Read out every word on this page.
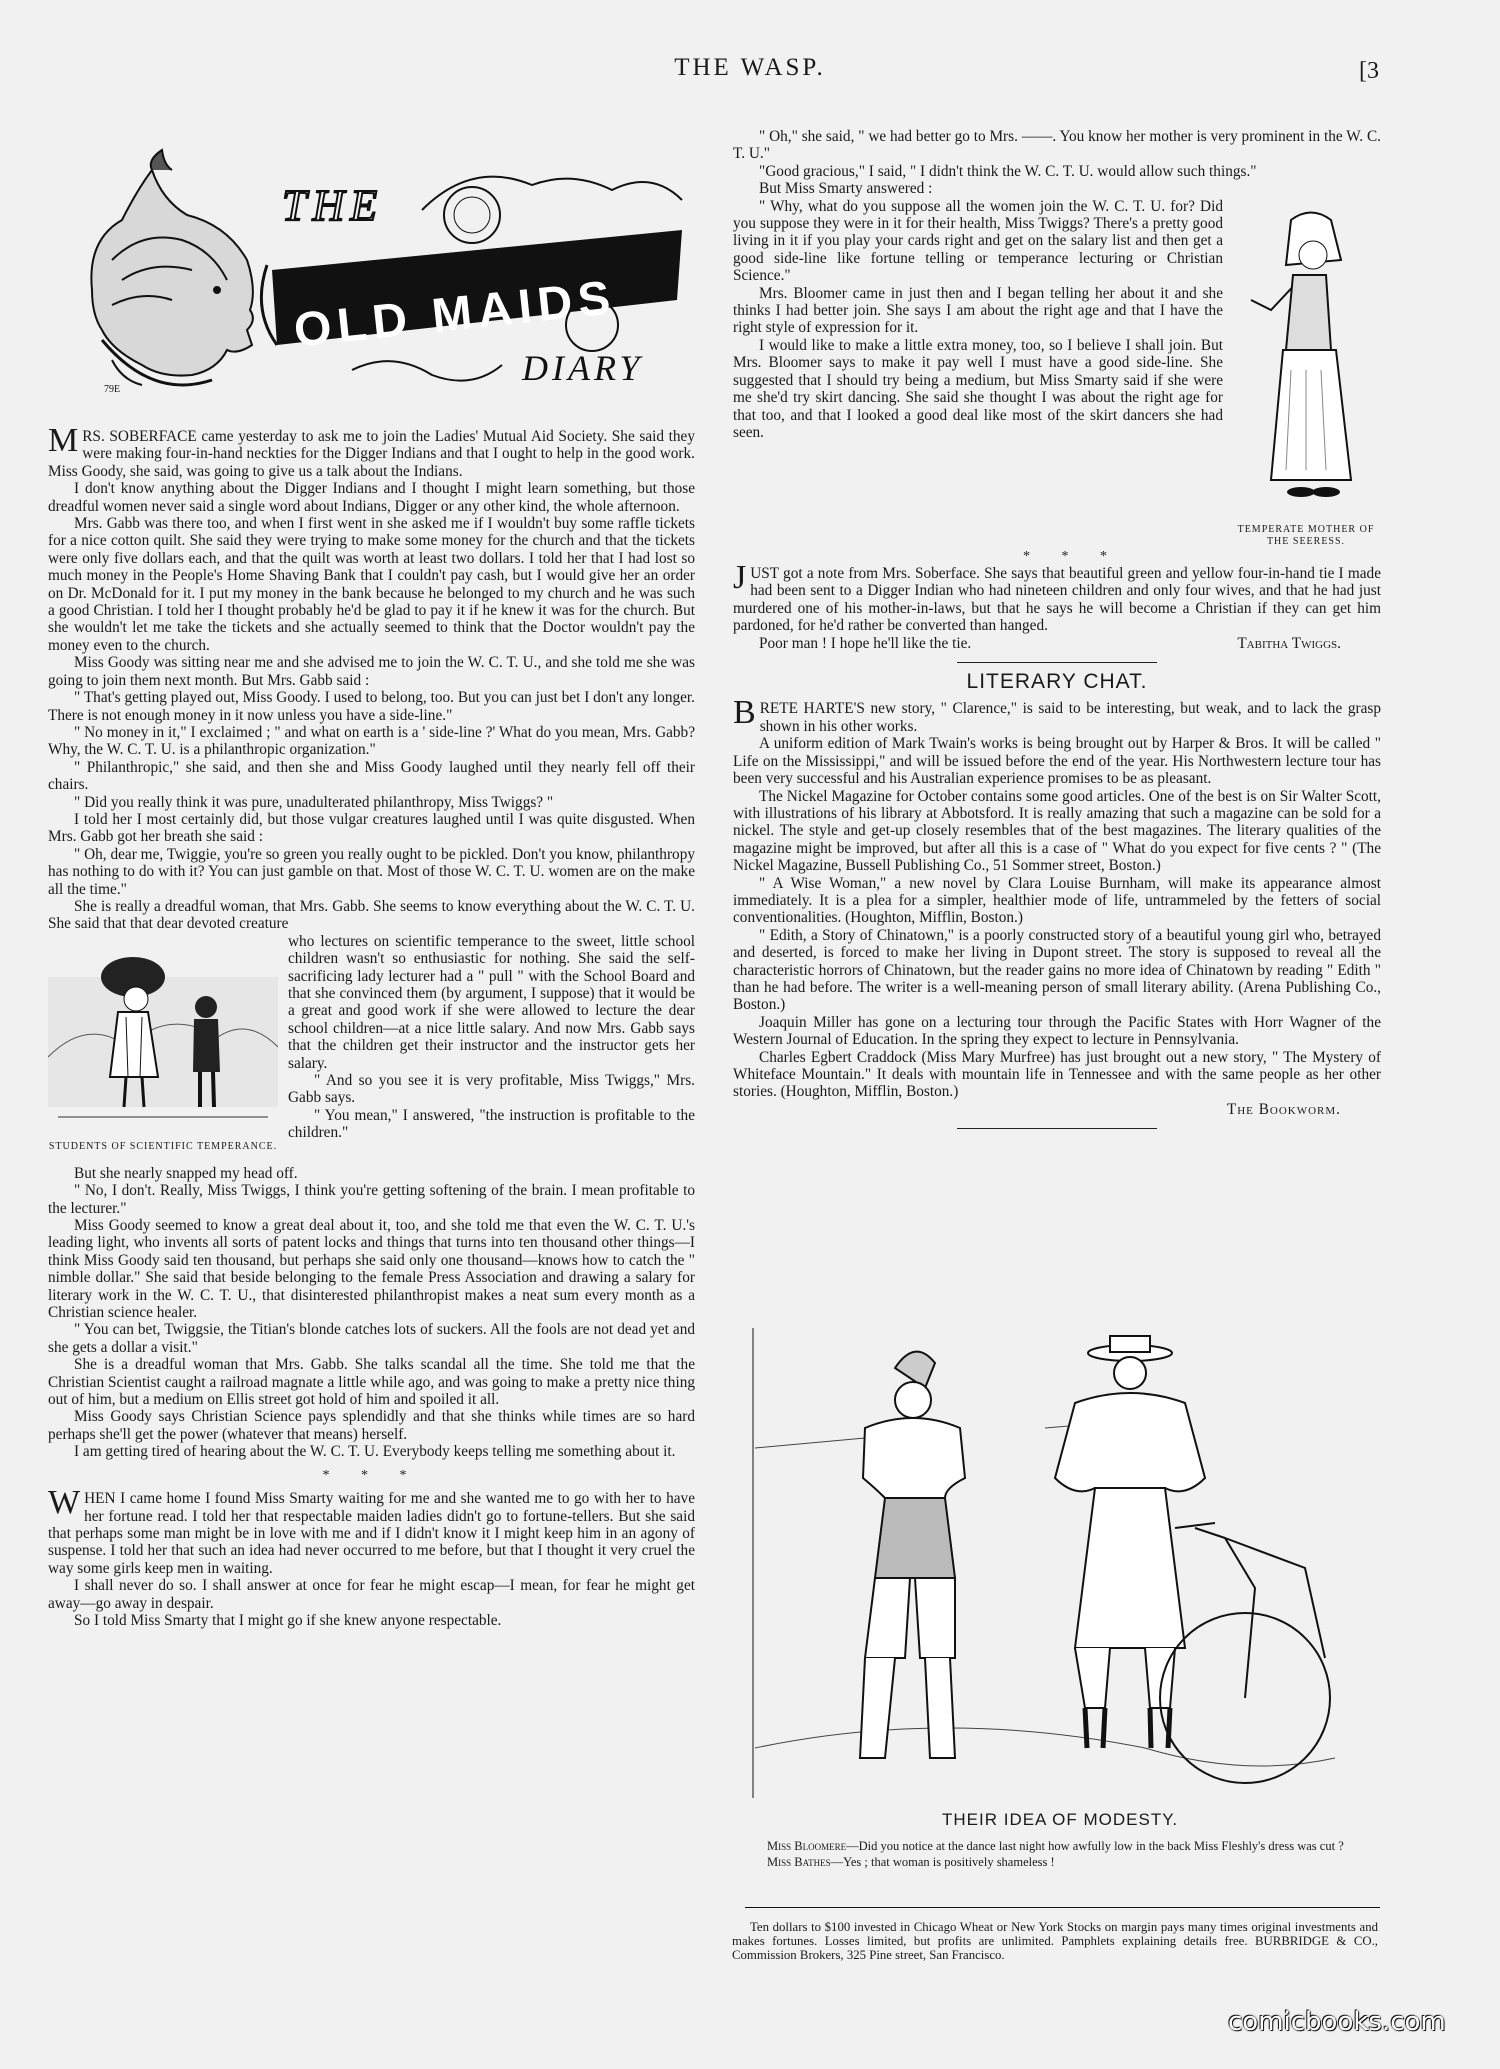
THE WASP.	[3
79E
THE
OLD MAIDS
DIARY

MRS. SOBERFACE came yesterday to ask me to join the Ladies' Mutual Aid Society. She said they were making four-in-hand neckties for the Digger Indians and that I ought to help in the good work. Miss Goody, she said, was going to give us a talk about the Indians.

I don't know anything about the Digger Indians and I thought I might learn something, but those dreadful women never said a single word about Indians, Digger or any other kind, the whole afternoon.

Mrs. Gabb was there too, and when I first went in she asked me if I wouldn't buy some raffle tickets for a nice cotton quilt. She said they were trying to make some money for the church and that the tickets were only five dollars each, and that the quilt was worth at least two dollars. I told her that I had lost so much money in the People's Home Shaving Bank that I couldn't pay cash, but I would give her an order on Dr. McDonald for it. I put my money in the bank because he belonged to my church and he was such a good Christian. I told her I thought probably he'd be glad to pay it if he knew it was for the church. But she wouldn't let me take the tickets and she actually seemed to think that the Doctor wouldn't pay the money even to the church.

Miss Goody was sitting near me and she advised me to join the W. C. T. U., and she told me she was going to join them next month. But Mrs. Gabb said :

" That's getting played out, Miss Goody. I used to belong, too. But you can just bet I don't any longer. There is not enough money in it now unless you have a side-line."

" No money in it," I exclaimed ; " and what on earth is a ' side-line ?' What do you mean, Mrs. Gabb? Why, the W. C. T. U. is a philanthropic organization."

" Philanthropic," she said, and then she and Miss Goody laughed until they nearly fell off their chairs.

" Did you really think it was pure, unadulterated philanthropy, Miss Twiggs? "

I told her I most certainly did, but those vulgar creatures laughed until I was quite disgusted. When Mrs. Gabb got her breath she said :

" Oh, dear me, Twiggie, you're so green you really ought to be pickled. Don't you know, philanthropy has nothing to do with it? You can just gamble on that. Most of those W. C. T. U. women are on the make all the time."

She is really a dreadful woman, that Mrs. Gabb. She seems to know everything about the W. C. T. U. She said that that dear devoted creature

STUDENTS OF SCIENTIFIC TEMPERANCE.

who lectures on scientific temperance to the sweet, little school children wasn't so enthusiastic for nothing. She said the self-sacrificing lady lecturer had a " pull " with the School Board and that she convinced them (by argument, I suppose) that it would be a great and good work if she were allowed to lecture the dear school children—at a nice little salary. And now Mrs. Gabb says that the children get their instructor and the instructor gets her salary.

" And so you see it is very profitable, Miss Twiggs," Mrs. Gabb says.

" You mean," I answered, "the instruction is profitable to the children."

But she nearly snapped my head off.

" No, I don't. Really, Miss Twiggs, I think you're getting softening of the brain. I mean profitable to the lecturer."

Miss Goody seemed to know a great deal about it, too, and she told me that even the W. C. T. U.'s leading light, who invents all sorts of patent locks and things that turns into ten thousand other things—I think Miss Goody said ten thousand, but perhaps she said only one thousand—knows how to catch the " nimble dollar." She said that beside belonging to the female Press Association and drawing a salary for literary work in the W. C. T. U., that disinterested philanthropist makes a neat sum every month as a Christian science healer.

" You can bet, Twiggsie, the Titian's blonde catches lots of suckers. All the fools are not dead yet and she gets a dollar a visit."

She is a dreadful woman that Mrs. Gabb. She talks scandal all the time. She told me that the Christian Scientist caught a railroad magnate a little while ago, and was going to make a pretty nice thing out of him, but a medium on Ellis street got hold of him and spoiled it all.

Miss Goody says Christian Science pays splendidly and that she thinks while times are so hard perhaps she'll get the power (whatever that means) herself.

I am getting tired of hearing about the W. C. T. U. Everybody keeps telling me something about it.

* * *

WHEN I came home I found Miss Smarty waiting for me and she wanted me to go with her to have her fortune read. I told her that respectable maiden ladies didn't go to fortune-tellers. But she said that perhaps some man might be in love with me and if I didn't know it I might keep him in an agony of suspense. I told her that such an idea had never occurred to me before, but that I thought it very cruel the way some girls keep men in waiting.

I shall never do so. I shall answer at once for fear he might escap—I mean, for fear he might get away—go away in despair.

So I told Miss Smarty that I might go if she knew anyone respectable.

" Oh," she said, " we had better go to Mrs. ——. You know her mother is very prominent in the W. C. T. U."

"Good gracious," I said, " I didn't think the W. C. T. U. would allow such things."

But Miss Smarty answered :

TEMPERATE MOTHER OF THE SEERESS.

" Why, what do you suppose all the women join the W. C. T. U. for? Did you suppose they were in it for their health, Miss Twiggs? There's a pretty good living in it if you play your cards right and get on the salary list and then get a good side-line like fortune telling or temperance lecturing or Christian Science."

Mrs. Bloomer came in just then and I began telling her about it and she thinks I had better join. She says I am about the right age and that I have the right style of expression for it.

I would like to make a little extra money, too, so I believe I shall join. But Mrs. Bloomer says to make it pay well I must have a good side-line. She suggested that I should try being a medium, but Miss Smarty said if she were me she'd try skirt dancing. She said she thought I was about the right age for that too, and that I looked a good deal like most of the skirt dancers she had seen.

* * *

JUST got a note from Mrs. Soberface. She says that beautiful green and yellow four-in-hand tie I made had been sent to a Digger Indian who had nineteen children and only four wives, and that he had just murdered one of his mother-in-laws, but that he says he will become a Christian if they can get him pardoned, for he'd rather be converted than hanged.

Poor man ! I hope he'll like the tie.	Tabitha Twiggs.

LITERARY CHAT.

BRETE HARTE'S new story, " Clarence," is said to be interesting, but weak, and to lack the grasp shown in his other works.

A uniform edition of Mark Twain's works is being brought out by Harper & Bros. It will be called " Life on the Mississippi," and will be issued before the end of the year. His Northwestern lecture tour has been very successful and his Australian experience promises to be as pleasant.

The Nickel Magazine for October contains some good articles. One of the best is on Sir Walter Scott, with illustrations of his library at Abbotsford. It is really amazing that such a magazine can be sold for a nickel. The style and get-up closely resembles that of the best magazines. The literary qualities of the magazine might be improved, but after all this is a case of " What do you expect for five cents ? " (The Nickel Magazine, Bussell Publishing Co., 51 Sommer street, Boston.)

" A Wise Woman," a new novel by Clara Louise Burnham, will make its appearance almost immediately. It is a plea for a simpler, healthier mode of life, untrammeled by the fetters of social conventionalities. (Houghton, Mifflin, Boston.)

" Edith, a Story of Chinatown," is a poorly constructed story of a beautiful young girl who, betrayed and deserted, is forced to make her living in Dupont street. The story is supposed to reveal all the characteristic horrors of Chinatown, but the reader gains no more idea of Chinatown by reading " Edith " than he had before. The writer is a well-meaning person of small literary ability. (Arena Publishing Co., Boston.)

Joaquin Miller has gone on a lecturing tour through the Pacific States with Horr Wagner of the Western Journal of Education. In the spring they expect to lecture in Pennsylvania.

Charles Egbert Craddock (Miss Mary Murfree) has just brought out a new story, " The Mystery of Whiteface Mountain." It deals with mountain life in Tennessee and with the same people as her other stories. (Houghton, Mifflin, Boston.)

The Bookworm.
THEIR IDEA OF MODESTY.
Miss Bloomere—Did you notice at the dance last night how awfully low in the back Miss Fleshly's dress was cut ?
Miss Bathes—Yes ; that woman is positively shameless !
Ten dollars to $100 invested in Chicago Wheat or New York Stocks on margin pays many times original investments and makes fortunes. Losses limited, but profits are unlimited. Pamphlets explaining details free. BURBRIDGE & CO., Commission Brokers, 325 Pine street, San Francisco.
comicbooks.com
